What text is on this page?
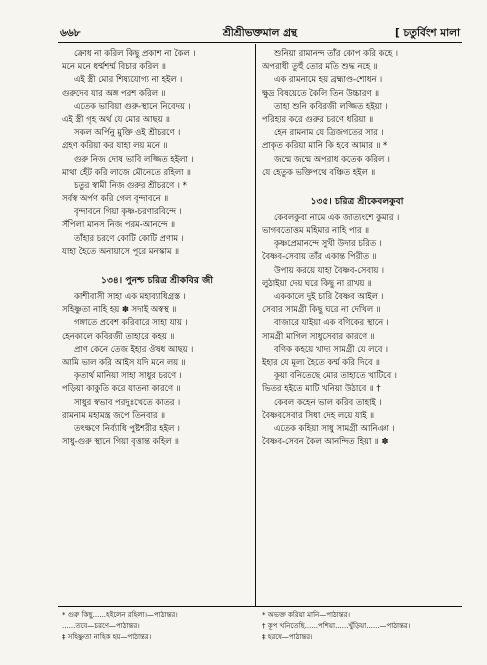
৬৬৮	শ্রীশ্রীভক্তমাল গ্রন্থ	[ চতুর্বিংশ মালা
ক্রোধ না করিল কিছু প্রকাশ না কৈল ।
মনে মনে ধর্ম্মশর্ম্ম বিচার করিল ॥
এই স্ত্রী মোর শিষ্যযোগ্য না হইল ।
গুরুদেব যার অঙ্গ পরশ করিল ॥
এতেক ভাবিয়া গুরু-স্থানে নিবেদয় ।
এই স্ত্রী গৃহ অর্থ যে মোর আছয় ॥
সকল অর্পিনু মুক্তি ওই শ্রীচরণে ।
গ্রহণ করিয়া কর যাহা লয় মনে ॥
গুরু নিজ দোষ ভাবি লজ্জিত হইলা ।
মাথা হেঁট করি লাজে মৌনেতে রহিলা ॥
চতুর স্বামী নিজ গুরুর শ্রীচরণে । *
সর্বস্ব অর্পণ করি গেল বৃন্দাবনে ॥
বৃন্দাবনে গিয়া কৃষ্ণ-চরণারবিন্দে ।
সঁপিলা মানস নিজ পরম-আনন্দে ॥
তাঁহার চরণে কোটি কোটি প্রণাম ।
যাহা হৈতে অনায়াসে পূরে মনস্কাম ॥
১৩৪। পুনশ্চ চরিত্র শ্রীকবির জী
কাশীবাসী সাহা এক মহাব্যাধিগ্রস্ত ।
সহিষ্ণুতা নাহি হয় ✽ সদাই অস্বস্থ ॥
গঙ্গাতে প্রবেশ করিবারে সাহা যায় ।
হেনকালে কবিরজী তাহারে কহয় ॥
প্রাণ কেনে তেজ ইহার ঔষধ আছয় ।
আমি ভাল করি আইস যদি মনে লয় ॥
কৃতার্থ মানিয়া সাহা সাধুর চরণে ।
পড়িয়া কাকুতি করে যাতনা কারণে ॥
সাধুর স্বভাব পরদুঃখেতে কাতর ।
রামনাম মহামন্ত্র জপে তিনবার ॥
তৎক্ষণে নির্ব্যাধি পুষ্টশরীর হইল ।
সাধু-গুরু স্থানে গিয়া বৃত্তান্ত কহিল ॥
শুনিয়া রামানন্দ তাঁর কোপ করি কহে ।
অপরাধী তুহুঁ তোর মতি শুদ্ধ নহে ॥
এক রামনামে হয় ব্রহ্মাণ্ড-শোধন ।
ক্ষুদ্র বিষয়েতে কৈলি তিন উচ্চারণ ॥
তাহা শুনি কবিরজী লজ্জিত হইয়া ।
পরিহার করে গুরুর চরণে ধরিয়া ॥
হেন রামনাম যে ত্রিজগতের সার ।
প্রাকৃত করিয়া মানি কি হবে আমার ॥ *
জন্মে জন্মে অপরাধ কতেক করিল ।
যে হেতুক ভক্তিপথে বঞ্চিত হইল ॥
১৩৫। চরিত্র শ্রীকেবলকুবা
কেবলকুবা নামে এক জাত্যংশে কুমার ।
ভাগবতোত্তম মহিমার নাহি পার ॥
কৃষ্ণপ্রেমানন্দে সুখী উদার চরিত ।
বৈষ্ণব-সেবায় তাঁর একান্ত পিরীত ॥
উপায় করয়ে যাহা বৈষ্ণব-সেবায় ।
লুঠাইয়া দেয় ঘরে কিছু না রাখয় ॥
এককালে দুই চারি বৈষ্ণব আইল ।
সেবার সামগ্রী কিছু ঘরে না দেখিল ॥
বাজারে যাইয়া এক বণিকের স্থানে ।
সামগ্রী মাগিল সাধুসেবার কারণে ॥
বণিক কহয়ে খাদ্য সামগ্রী যে লবে ।
ইহার যে মূল্য হৈতে কর্ম্ম করি দিবে ॥
কূয়া বনিতেছে মোর তাহাতে খাটিবে ।
ভিতর হইতে মাটি খনিয়া উঠাবে ॥ †
কেবল কহেন ভাল করিব তাহাই ।
বৈষ্ণবসেবার সিধা দেহ লয়ে যাই ॥
এতেক কহিয়া সাধু সামগ্রী আনিঞা ।
বৈষ্ণব-সেবন কৈল আনন্দিত হিয়া ॥ ✽
* গুরু কিছু......হইলেন রহিলা।—পাঠান্তর।
......তবে—চরণে—পাঠান্তর।
‡ সহিষ্ণুতা নাহিক হয়—পাঠান্তর।
* অভক্ত করিয়া মানি—পাঠান্তর।
† কূপ খনিতেছি......পশিয়া......খুঁড়িয়া......—পাঠান্তর।
‡ হরষে—পাঠান্তর।
